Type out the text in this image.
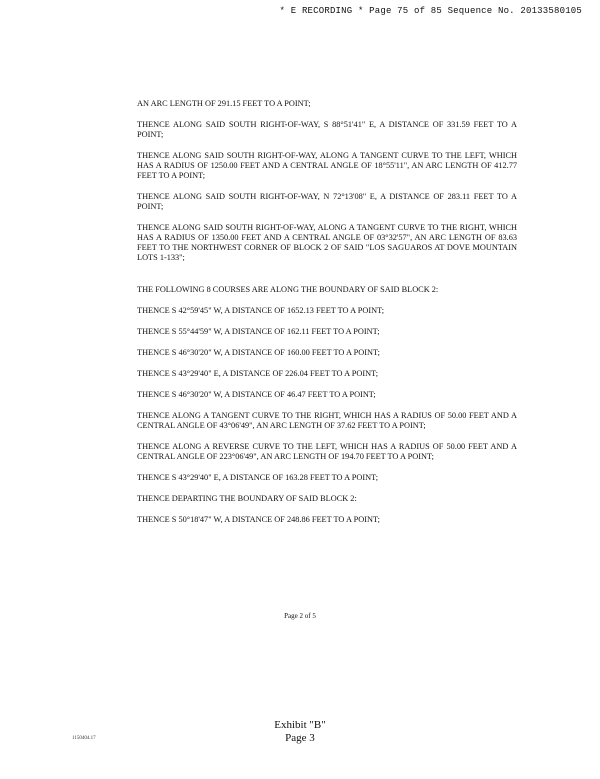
* E RECORDING * Page 75 of 85 Sequence No. 20133580105

AN ARC LENGTH OF 291.15 FEET TO A POINT;

THENCE ALONG SAID SOUTH RIGHT-OF-WAY, S 88°51'41" E, A DISTANCE OF 331.59 FEET TO A POINT;

THENCE ALONG SAID SOUTH RIGHT-OF-WAY, ALONG A TANGENT CURVE TO THE LEFT, WHICH HAS A RADIUS OF 1250.00 FEET AND A CENTRAL ANGLE OF 18°55'11", AN ARC LENGTH OF 412.77 FEET TO A POINT;

THENCE ALONG SAID SOUTH RIGHT-OF-WAY, N 72°13'08" E, A DISTANCE OF 283.11 FEET TO A POINT;

THENCE ALONG SAID SOUTH RIGHT-OF-WAY, ALONG A TANGENT CURVE TO THE RIGHT, WHICH HAS A RADIUS OF 1350.00 FEET AND A CENTRAL ANGLE OF 03°32'57", AN ARC LENGTH OF 83.63 FEET TO THE NORTHWEST CORNER OF BLOCK 2 OF SAID "LOS SAGUAROS AT DOVE MOUNTAIN LOTS 1-133";

THE FOLLOWING 8 COURSES ARE ALONG THE BOUNDARY OF SAID BLOCK 2:

THENCE S 42°59'45" W, A DISTANCE OF 1652.13 FEET TO A POINT;

THENCE S 55°44'59" W, A DISTANCE OF 162.11 FEET TO A POINT;

THENCE S 46°30'20" W, A DISTANCE OF 160.00 FEET TO A POINT;

THENCE S 43°29'40" E, A DISTANCE OF 226.04 FEET TO A POINT;

THENCE S 46°30'20" W, A DISTANCE OF 46.47 FEET TO A POINT;

THENCE ALONG A TANGENT CURVE TO THE RIGHT, WHICH HAS A RADIUS OF 50.00 FEET AND A CENTRAL ANGLE OF 43°06'49", AN ARC LENGTH OF 37.62 FEET TO A POINT;

THENCE ALONG A REVERSE CURVE TO THE LEFT, WHICH HAS A RADIUS OF 50.00 FEET AND A CENTRAL ANGLE OF 223°06'49", AN ARC LENGTH OF 194.70 FEET TO A POINT;

THENCE S 43°29'40" E, A DISTANCE OF 163.28 FEET TO A POINT;

THENCE DEPARTING THE BOUNDARY OF SAID BLOCK 2:

THENCE S 50°18'47" W, A DISTANCE OF 248.86 FEET TO A POINT;

Page 2 of 5
Exhibit "B"
Page 3
1150404.17
